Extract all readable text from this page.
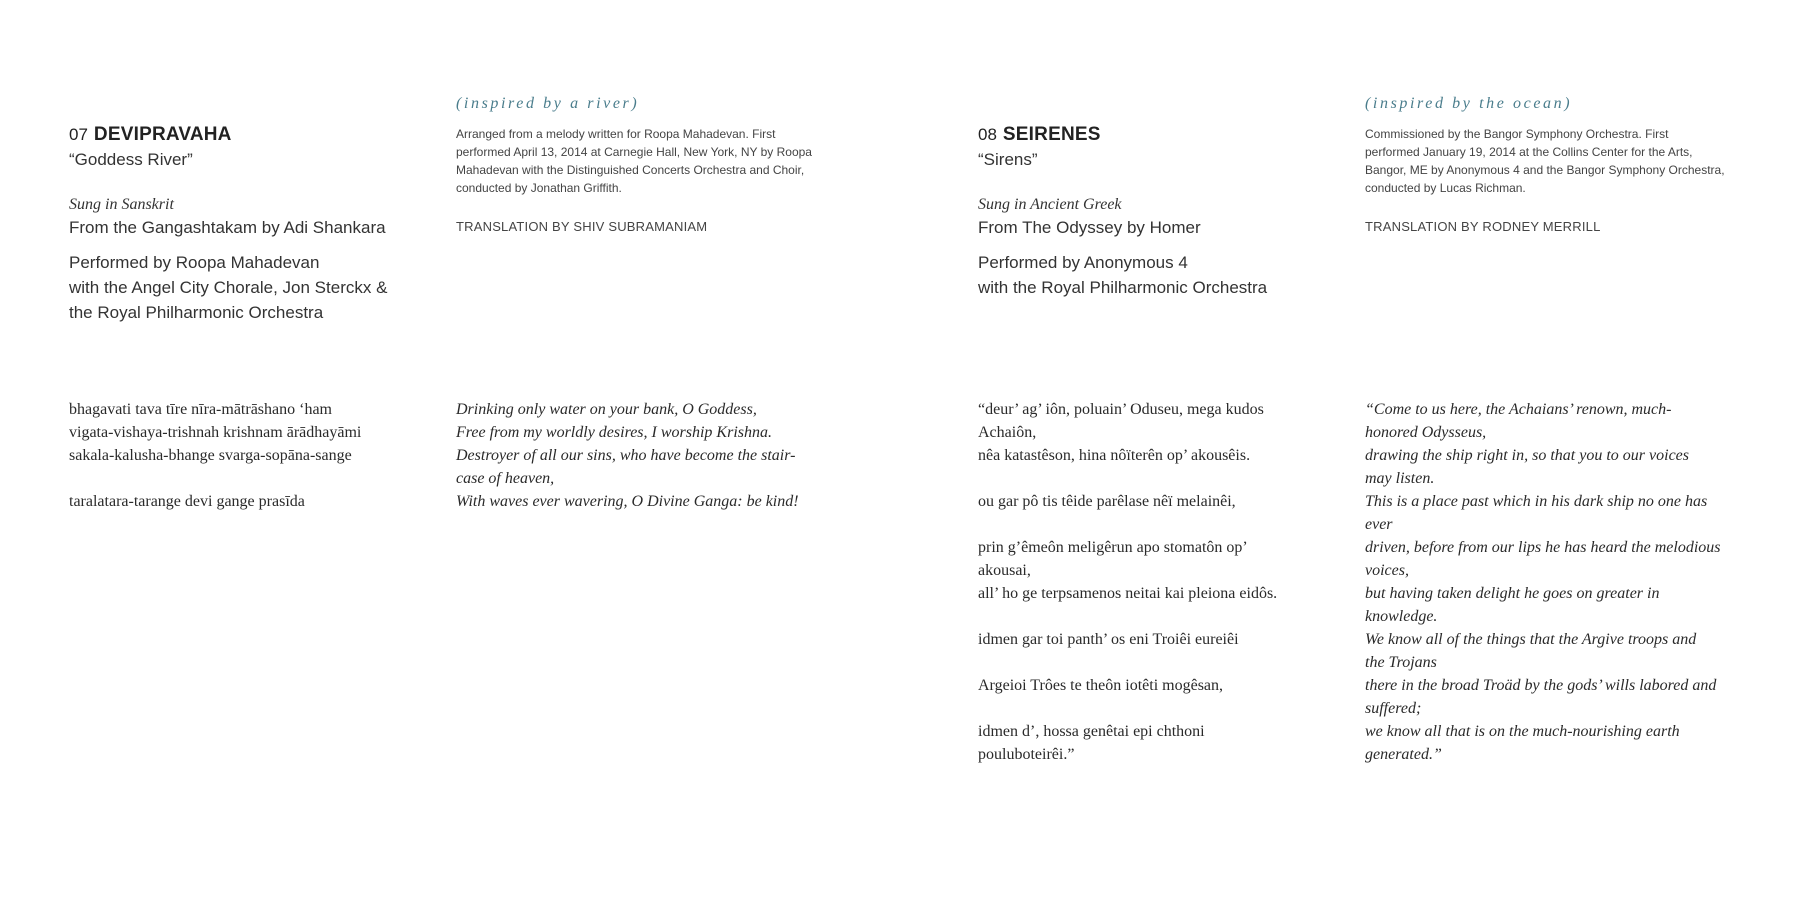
07 DEVIPRAVAHA
“Goddess River”
Sung in Sanskrit
From the Gangashtakam by Adi Shankara
Performed by Roopa Mahadevan
with the Angel City Chorale, Jon Sterckx &
the Royal Philharmonic Orchestra
(inspired by a river)
Arranged from a melody written for Roopa Mahadevan. First
performed April 13, 2014 at Carnegie Hall, New York, NY by Roopa
Mahadevan with the Distinguished Concerts Orchestra and Choir,
conducted by Jonathan Griffith.
TRANSLATION BY SHIV SUBRAMANIAM
bhagavati tava tīre nīra-mātrāshano ‘ham
vigata-vishaya-trishnah krishnam ārādhayāmi
sakala-kalusha-bhange svarga-sopāna-sange
taralatara-tarange devi gange prasīda
Drinking only water on your bank, O Goddess,
Free from my worldly desires, I worship Krishna.
Destroyer of all our sins, who have become the stair-
case of heaven,
With waves ever wavering, O Divine Ganga: be kind!
08 SEIRENES
“Sirens”
Sung in Ancient Greek
From The Odyssey by Homer
Performed by Anonymous 4
with the Royal Philharmonic Orchestra
(inspired by the ocean)
Commissioned by the Bangor Symphony Orchestra. First
performed January 19, 2014 at the Collins Center for the Arts,
Bangor, ME by Anonymous 4 and the Bangor Symphony Orchestra,
conducted by Lucas Richman.
TRANSLATION BY RODNEY MERRILL
“deur’ ag’ iôn, poluain’ Oduseu, mega kudos
Achaiôn,
nêa katastêson, hina nôïterên op’ akousêis.
ou gar pô tis têide parêlase nêï melainêi,
prin g’êmeôn meligêrun apo stomatôn op’
akousai,
all’ ho ge terpsamenos neitai kai pleiona eidôs.
idmen gar toi panth’ os eni Troiêi eureiêi
Argeioi Trôes te theôn iotêti mogêsan,
idmen d’, hossa genêtai epi chthoni
pouluboteirêi.”
“Come to us here, the Achaians’ renown, much-
honored Odysseus,
drawing the ship right in, so that you to our voices
may listen.
This is a place past which in his dark ship no one has
ever
driven, before from our lips he has heard the melodious
voices,
but having taken delight he goes on greater in
knowledge.
We know all of the things that the Argive troops and
the Trojans
there in the broad Troäd by the gods’ wills labored and
suffered;
we know all that is on the much-nourishing earth
generated.”
